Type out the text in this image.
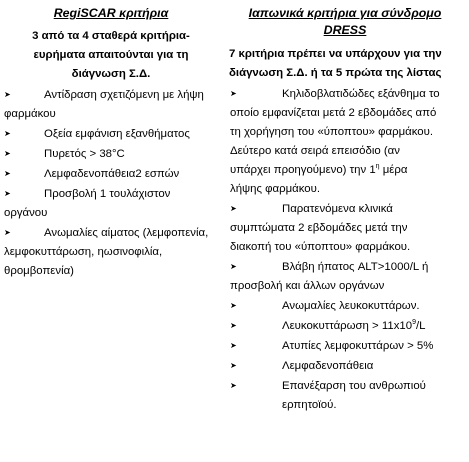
RegiSCAR κριτήρια
3 από τα 4 σταθερά κριτήρια-
ευρήματα απαιτούνται για τη
διάγνωση Σ.Δ.
➤	Αντίδραση σχετιζόμενη με λήψη
φαρμάκου
➤	Οξεία εμφάνιση εξανθήματος
➤	Πυρετός > 38°C
➤	Λεμφαδενοπάθεια2 εσπών
➤	Προσβολή 1 τουλάχιστον
οργάνου
➤	Ανωμαλίες αίματος (λεμφοπενία,
λεμφοκυττάρωση, ηωσινοφιλία,
θρομβοπενία)
Ιαπωνικά κριτήρια για σύνδρομο
DRESS
7 κριτήρια πρέπει να υπάρχουν για την
διάγνωση Σ.Δ. ή τα 5 πρώτα της λίστας
➤	Κηλιδοβλατιδώδες εξάνθημα το
οποίο εμφανίζεται μετά 2 εβδομάδες από
τη χορήγηση του «ύποπτου» φαρμάκου.
Δεύτερο κατά σειρά επεισόδιο (αν
υπάρχει προηγούμενο) την $1^\eta$ μέρα
λήψης φαρμάκου.
➤	Παρατενόμενα κλινικά
συμπτώματα 2 εβδομάδες μετά την
διακοπή του «ύποπτου» φαρμάκου.
➤	Βλάβη ήπατος ALT>1000/L ή
προσβολή και άλλων οργάνων
➤	Ανωμαλίες λευκοκυττάρων.
➤	$\Lambda\varepsilon\upsilon\kappa o\kappa\upsilon\tau\tau ά\rho\omega\sigma\eta > 11x10^9/L$
➤	Ατυπίες λεμφοκυττάρων > 5%
➤	Λεμφαδενοπάθεια
➤	Επανέξαρση του ανθρωπιού
ερπητοϊού.
